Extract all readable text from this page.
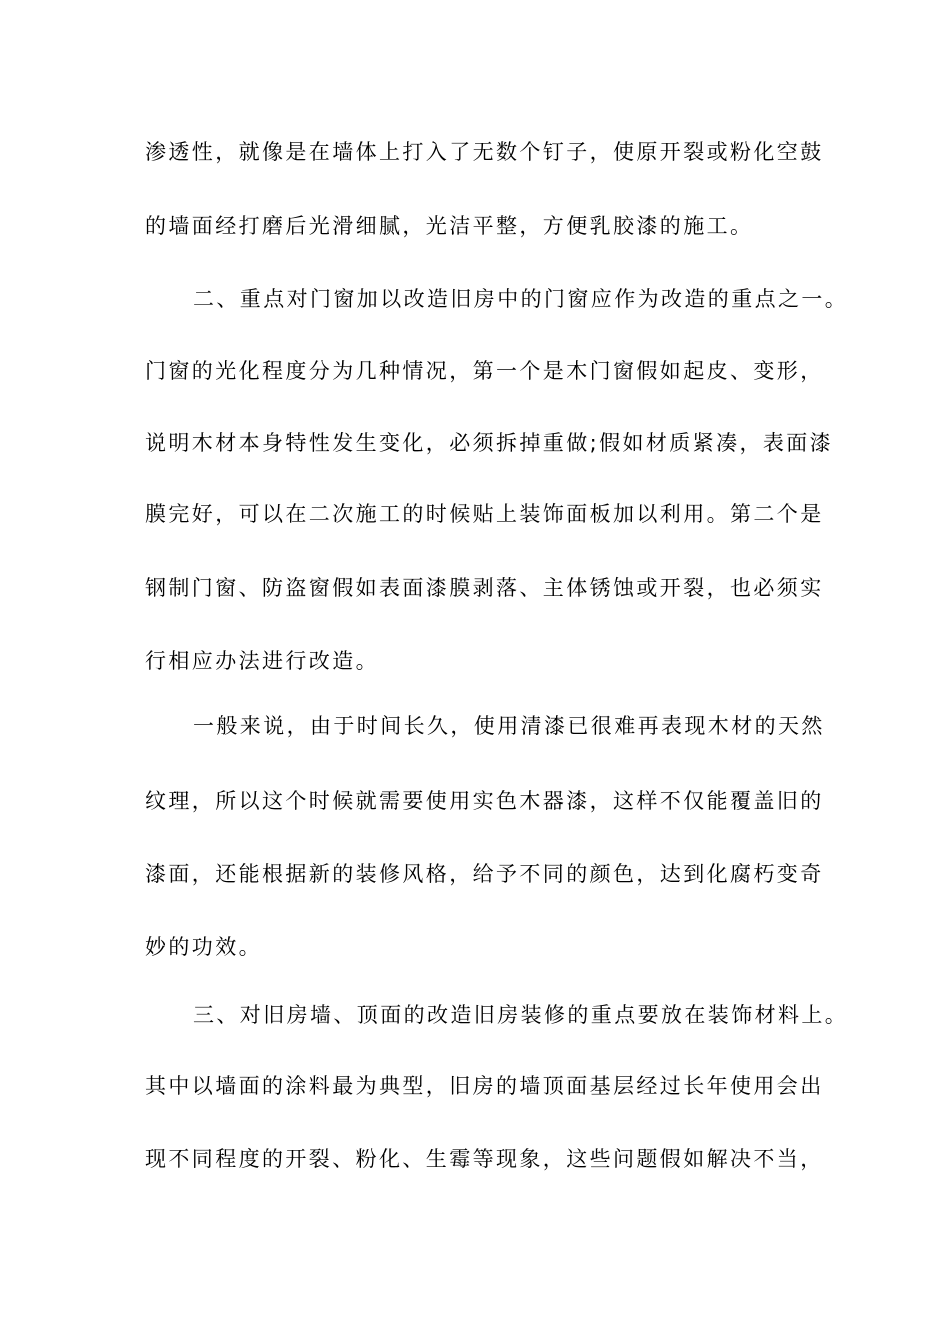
渗透性，就像是在墙体上打入了无数个钉子，使原开裂或粉化空鼓
的墙面经打磨后光滑细腻，光洁平整，方便乳胶漆的施工。
二、重点对门窗加以改造旧房中的门窗应作为改造的重点之一。
门窗的光化程度分为几种情况，第一个是木门窗假如起皮、变形，
说明木材本身特性发生变化，必须拆掉重做;假如材质紧凑，表面漆
膜完好，可以在二次施工的时候贴上装饰面板加以利用。第二个是
钢制门窗、防盗窗假如表面漆膜剥落、主体锈蚀或开裂，也必须实
行相应办法进行改造。
一般来说，由于时间长久，使用清漆已很难再表现木材的天然
纹理，所以这个时候就需要使用实色木器漆，这样不仅能覆盖旧的
漆面，还能根据新的装修风格，给予不同的颜色，达到化腐朽变奇
妙的功效。
三、对旧房墙、顶面的改造旧房装修的重点要放在装饰材料上。
其中以墙面的涂料最为典型，旧房的墙顶面基层经过长年使用会出
现不同程度的开裂、粉化、生霉等现象，这些问题假如解决不当，
